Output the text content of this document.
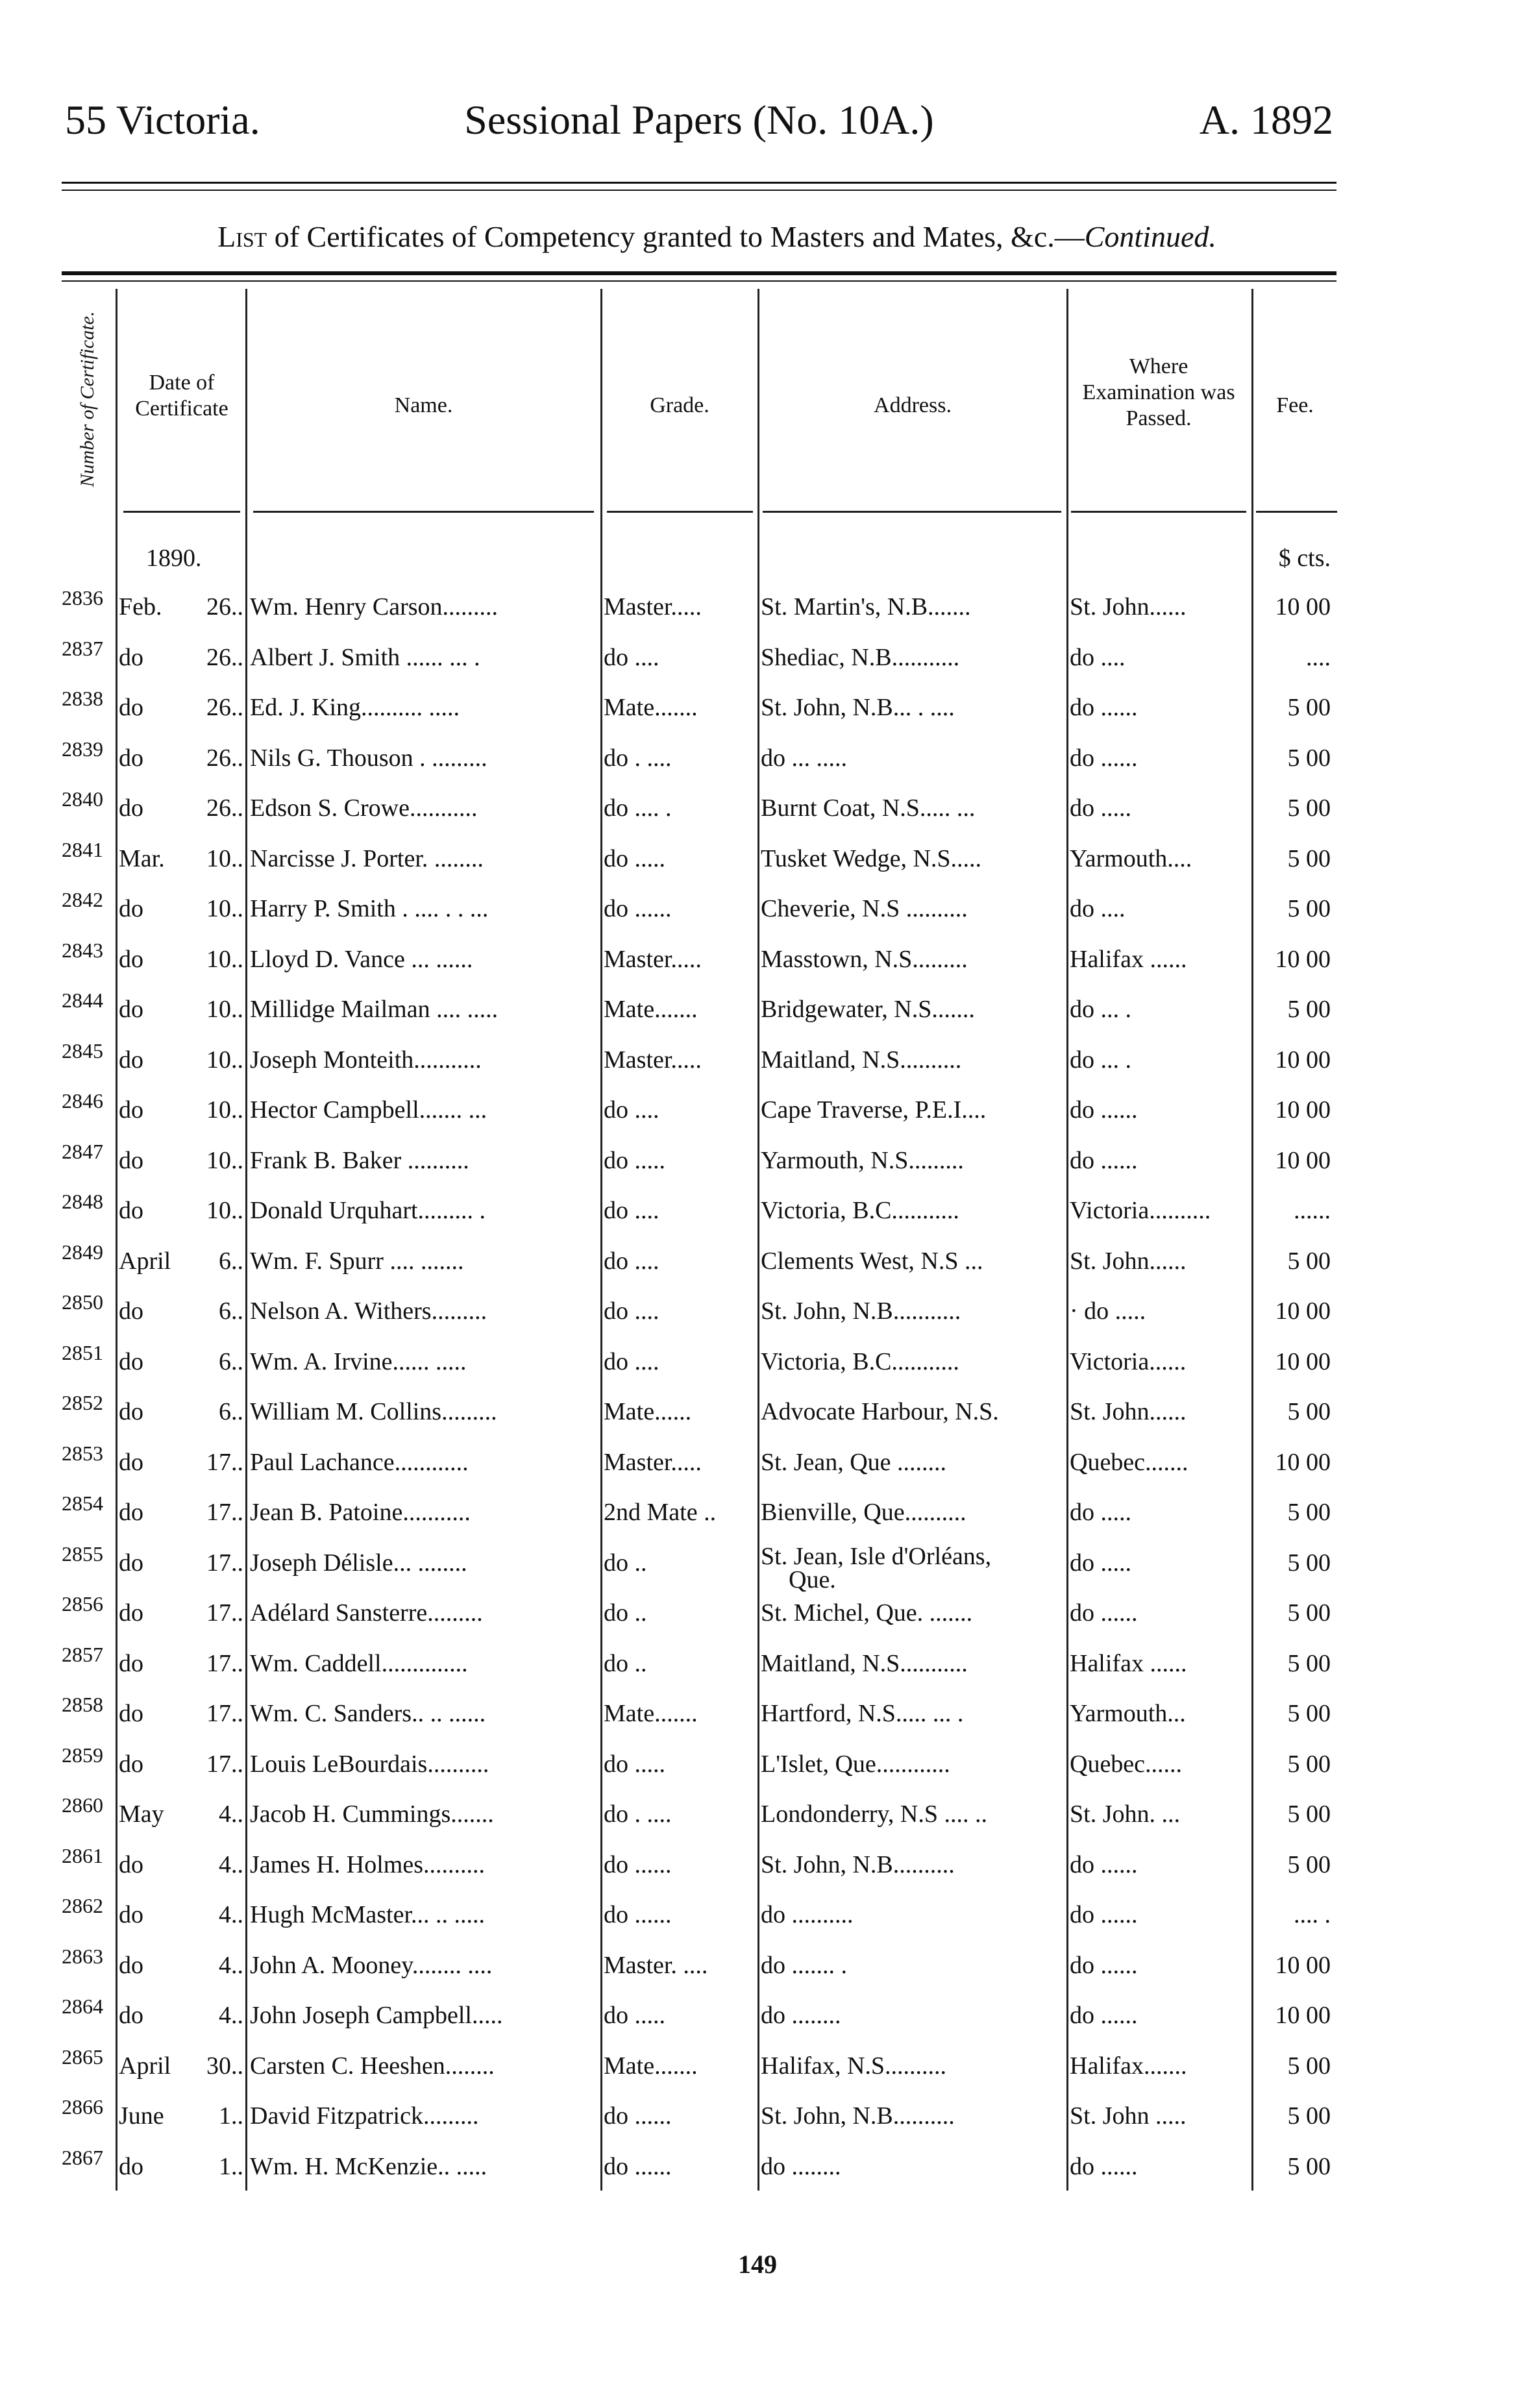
55 Victoria.	Sessional Papers (No. 10A.)	A. 1892
List of Certificates of Competency granted to Masters and Mates, &c.—Continued.
Number of Certificate.	Date of Certificate	Name.	Grade.	Address.
Where Examination was Passed.
Fee.
1890.	$ cts.
2836 Feb.	26.. Wm. Henry Carson.........	Master.....	St. Martin's, N.B.......	St. John......	10 00
2837 do	26.. Albert J. Smith ...... ... .	do ....	Shediac, N.B...........	do ....	....
2838 do	26.. Ed. J. King.......... .....	Mate.......	St. John, N.B... . ....	do ......	5 00
2839 do	26.. Nils G. Thouson . .........	do . ....	do ... .....	do ......	5 00
2840 do	26.. Edson S. Crowe...........	do .... .	Burnt Coat, N.S..... ...	do .....	5 00
2841 Mar.	10.. Narcisse J. Porter. ........	do .....	Tusket Wedge, N.S.....	Yarmouth....	5 00
2842 do	10.. Harry P. Smith . .... . . ...	do ......	Cheverie, N.S ..........	do ....	5 00
2843 do	10.. Lloyd D. Vance ... ......	Master.....	Masstown, N.S.........	Halifax ......	10 00
2844 do	10.. Millidge Mailman .... .....	Mate.......	Bridgewater, N.S.......	do ... .	5 00
2845 do	10.. Joseph Monteith...........	Master.....	Maitland, N.S..........	do ... .	10 00
2846 do	10.. Hector Campbell....... ...	do ....	Cape Traverse, P.E.I....	do ......	10 00
2847 do	10.. Frank B. Baker ..........	do .....	Yarmouth, N.S.........	do ......	10 00
2848 do	10.. Donald Urquhart......... .	do ....	Victoria, B.C...........	Victoria..........	......
2849 April	6.. Wm. F. Spurr .... .......	do ....	Clements West, N.S ...	St. John......	5 00
2850 do	6.. Nelson A. Withers.........	do ....	St. John, N.B...........	· do .....	10 00
2851 do	6.. Wm. A. Irvine...... .....	do ....	Victoria, B.C...........	Victoria......	10 00
2852 do	6.. William M. Collins.........	Mate......	Advocate Harbour, N.S.	St. John......	5 00
2853 do	17.. Paul Lachance............	Master.....	St. Jean, Que ........	Quebec.......	10 00
2854 do	17.. Jean B. Patoine...........	2nd Mate ..	Bienville, Que..........	do .....	5 00
2855 do	17.. Joseph Délisle... ........	do ..	St. Jean, Isle d'Orléans,	do .....	5 00
Que.
2856 do	17.. Adélard Sansterre.........	do ..	St. Michel, Que. .......	do ......	5 00
2857 do	17.. Wm. Caddell..............	do ..	Maitland, N.S...........	Halifax ......	5 00
2858 do	17.. Wm. C. Sanders.. .. ......	Mate.......	Hartford, N.S..... ... .	Yarmouth...	5 00
2859 do	17.. Louis LeBourdais..........	do .....	L'Islet, Que............	Quebec......	5 00
2860 May	4.. Jacob H. Cummings.......	do . ....	Londonderry, N.S .... ..	St. John. ...	5 00
2861 do	4.. James H. Holmes..........	do ......	St. John, N.B..........	do ......	5 00
2862 do	4.. Hugh McMaster... .. .....	do ......	do ..........	do ......	.... .
2863 do	4.. John A. Mooney........ ....	Master. ....	do ....... .	do ......	10 00
2864 do	4.. John Joseph Campbell.....	do .....	do ........	do ......	10 00
2865 April	30.. Carsten C. Heeshen........	Mate.......	Halifax, N.S..........	Halifax.......	5 00
2866 June	1.. David Fitzpatrick.........	do ......	St. John, N.B..........	St. John .....	5 00
2867 do	1.. Wm. H. McKenzie.. .....	do ......	do ........	do ......	5 00
149
